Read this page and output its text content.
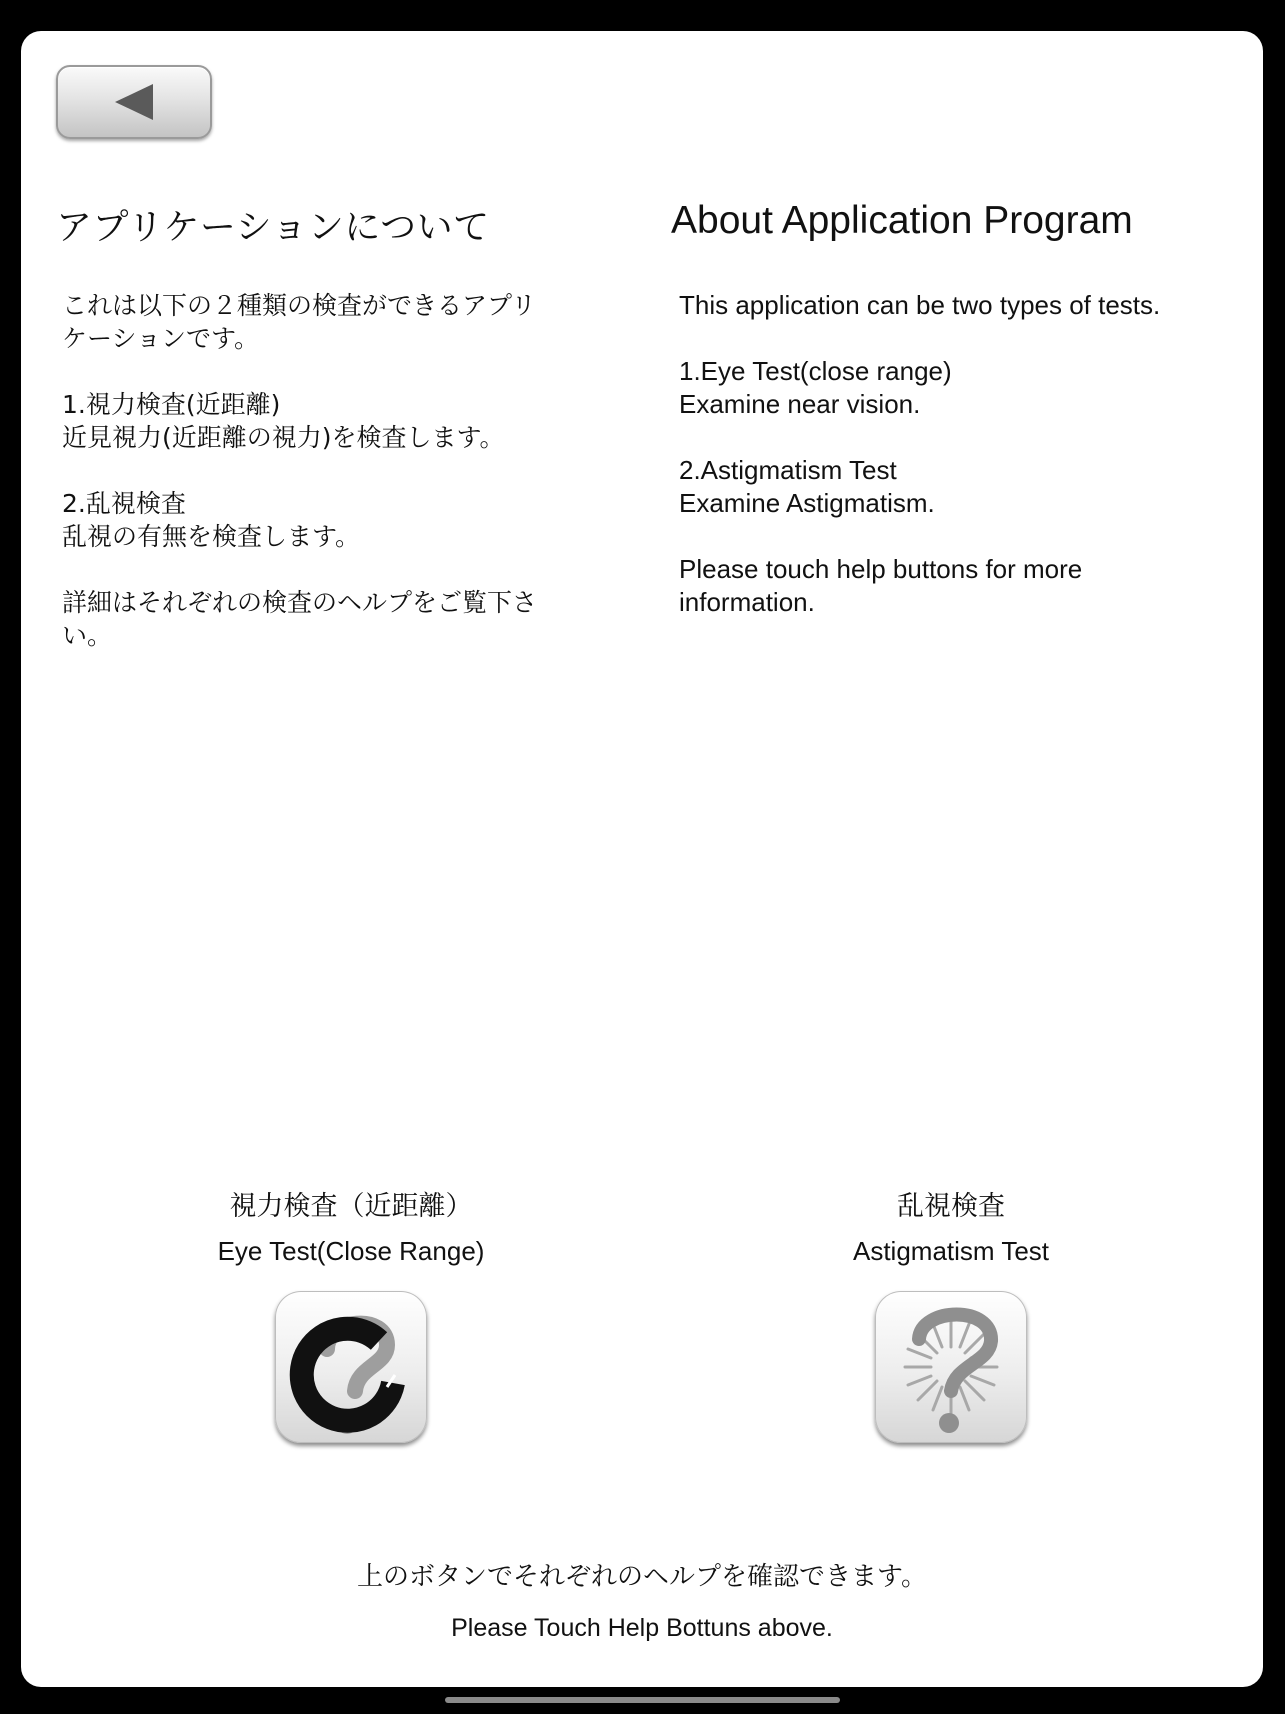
アプリケーションについて	About Application Program

これは以下の２種類の検査ができるアプリ
ケーションです。

1.視力検査(近距離)
近見視力(近距離の視力)を検査します。

2.乱視検査
乱視の有無を検査します。

詳細はそれぞれの検査のヘルプをご覧下さ
い。

This application can be two types of tests.

1.Eye Test(close range)
Examine near vision.

2.Astigmatism Test
Examine Astigmatism.

Please touch help buttons for more
information.

視力検査（近距離）
Eye Test(Close Range)
乱視検査
Astigmatism Test
上のボタンでそれぞれのヘルプを確認できます。
Please Touch Help Bottuns above.
